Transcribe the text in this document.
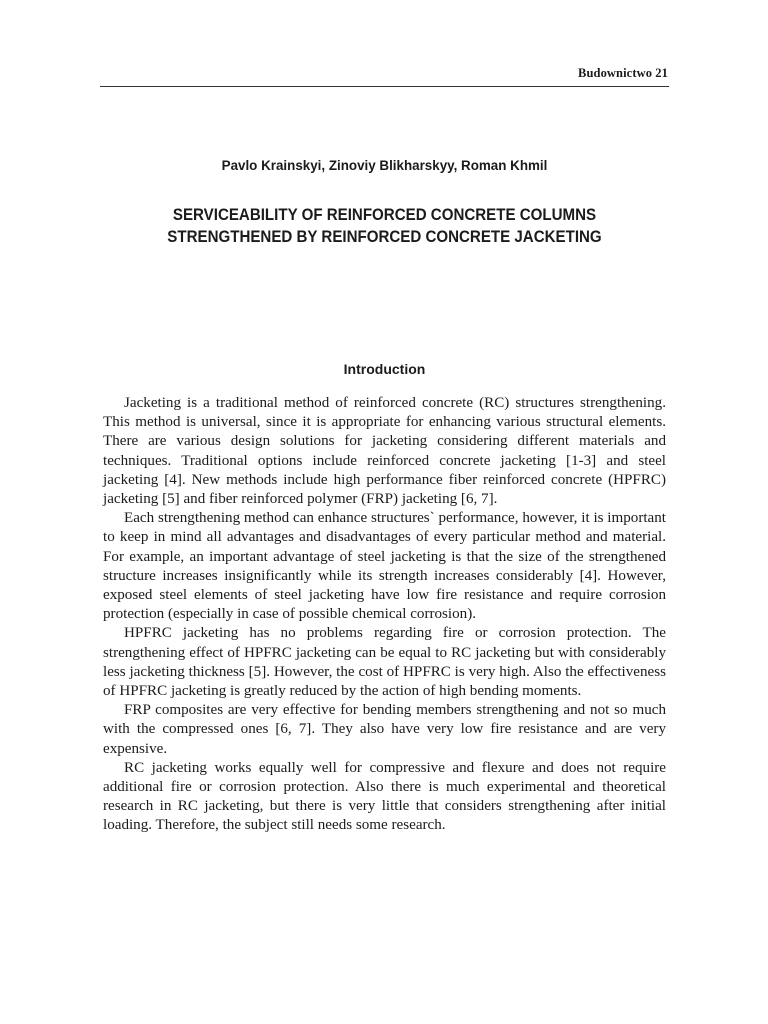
Budownictwo 21
Pavlo Krainskyi, Zinoviy Blikharskyy, Roman Khmil
SERVICEABILITY OF REINFORCED CONCRETE COLUMNS
STRENGTHENED BY REINFORCED CONCRETE JACKETING
Introduction

Jacketing is a traditional method of reinforced concrete (RC) structures strengthening. This method is universal, since it is appropriate for enhancing various structural elements. There are various design solutions for jacketing considering different materials and techniques. Traditional options include reinforced concrete jacketing [1-3] and steel jacketing [4]. New methods include high performance fiber reinforced concrete (HPFRC) jacketing [5] and fiber reinforced polymer (FRP) jacketing [6, 7].

Each strengthening method can enhance structures` performance, however, it is important to keep in mind all advantages and disadvantages of every particular method and material. For example, an important advantage of steel jacketing is that the size of the strengthened structure increases insignificantly while its strength increases considerably [4]. However, exposed steel elements of steel jacketing have low fire resistance and require corrosion protection (especially in case of possible chemical corrosion).

HPFRC jacketing has no problems regarding fire or corrosion protection. The strengthening effect of HPFRC jacketing can be equal to RC jacketing but with considerably less jacketing thickness [5]. However, the cost of HPFRC is very high. Also the effectiveness of HPFRC jacketing is greatly reduced by the action of high bending moments.

FRP composites are very effective for bending members strengthening and not so much with the compressed ones [6, 7]. They also have very low fire resistance and are very expensive.

RC jacketing works equally well for compressive and flexure and does not require additional fire or corrosion protection. Also there is much experimental and theoretical research in RC jacketing, but there is very little that considers strengthening after initial loading. Therefore, the subject still needs some research.
